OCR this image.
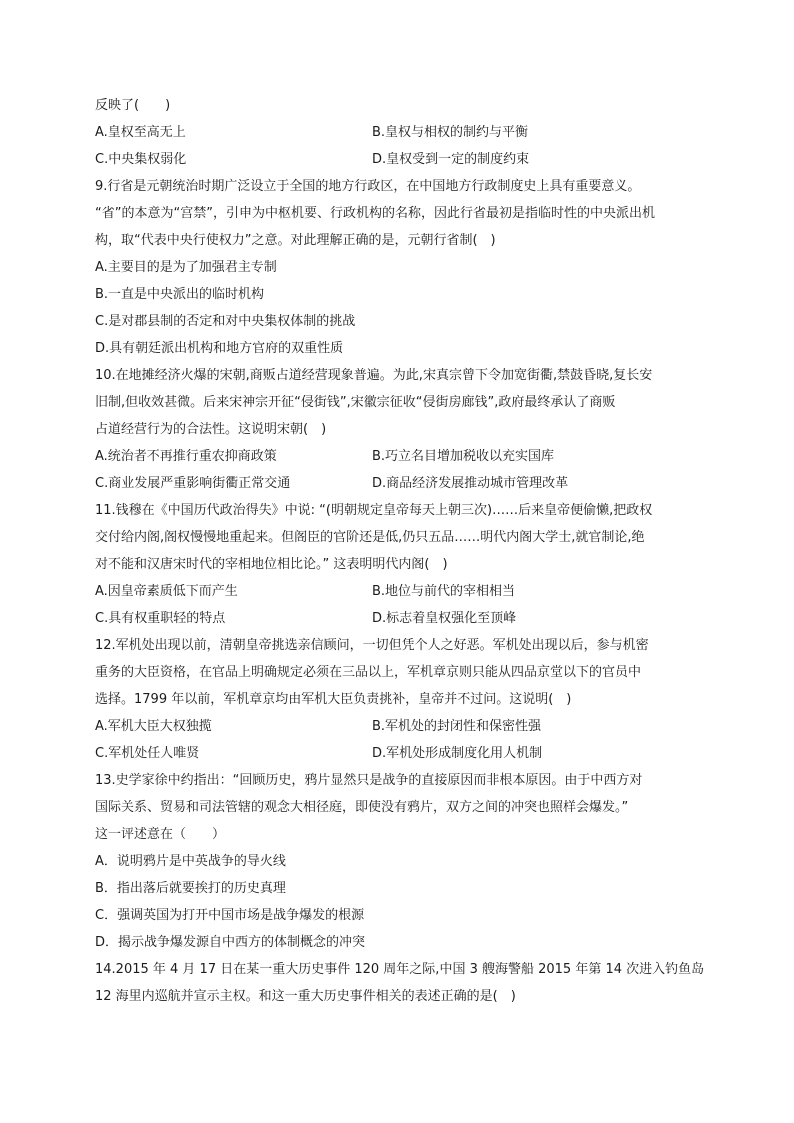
反映了(　　)
A.皇权至高无上	B.皇权与相权的制约与平衡
C.中央集权弱化	D.皇权受到一定的制度约束
9.行省是元朝统治时期广泛设立于全国的地方行政区，在中国地方行政制度史上具有重要意义。
“省”的本意为“宫禁”，引申为中枢机要、行政机构的名称，因此行省最初是指临时性的中央派出机
构，取“代表中央行使权力”之意。对此理解正确的是，元朝行省制(　)
A.主要目的是为了加强君主专制
B.一直是中央派出的临时机构
C.是对郡县制的否定和对中央集权体制的挑战
D.具有朝廷派出机构和地方官府的双重性质
10.在地摊经济火爆的宋朝,商贩占道经营现象普遍。为此,宋真宗曾下令加宽街衢,禁鼓昏晓,复长安
旧制,但收效甚微。后来宋神宗开征“侵街钱”,宋徽宗征收“侵街房廊钱”,政府最终承认了商贩
占道经营行为的合法性。这说明宋朝(　)
A.统治者不再推行重农抑商政策	B.巧立名目增加税收以充实国库
C.商业发展严重影响街衢正常交通	D.商品经济发展推动城市管理改革
11.钱穆在《中国历代政治得失》中说: “(明朝规定皇帝每天上朝三次)……后来皇帝便偷懒,把政权
交付给内阁,阁权慢慢地重起来。但阁臣的官阶还是低,仍只五品……明代内阁大学士,就官制论,绝
对不能和汉唐宋时代的宰相地位相比论。” 这表明明代内阁(　)
A.因皇帝素质低下而产生	B.地位与前代的宰相相当
C.具有权重职轻的特点	D.标志着皇权强化至顶峰
12.军机处出现以前，清朝皇帝挑选亲信顾问，一切但凭个人之好恶。军机处出现以后，参与机密
重务的大臣资格，在官品上明确规定必须在三品以上，军机章京则只能从四品京堂以下的官员中
选择。1799 年以前，军机章京均由军机大臣负责挑补，皇帝并不过问。这说明(　)
A.军机大臣大权独揽	B.军机处的封闭性和保密性强
C.军机处任人唯贤	D.军机处形成制度化用人机制
13.史学家徐中约指出：“回顾历史，鸦片显然只是战争的直接原因而非根本原因。由于中西方对
国际关系、贸易和司法管辖的观念大相径庭，即使没有鸦片，双方之间的冲突也照样会爆发。”
这一评述意在（　　）
A．说明鸦片是中英战争的导火线
B．指出落后就要挨打的历史真理
C．强调英国为打开中国市场是战争爆发的根源
D．揭示战争爆发源自中西方的体制概念的冲突
14.2015 年 4 月 17 日在某一重大历史事件 120 周年之际,中国 3 艘海警船 2015 年第 14 次进入钓鱼岛
12 海里内巡航并宣示主权。和这一重大历史事件相关的表述正确的是(　)
